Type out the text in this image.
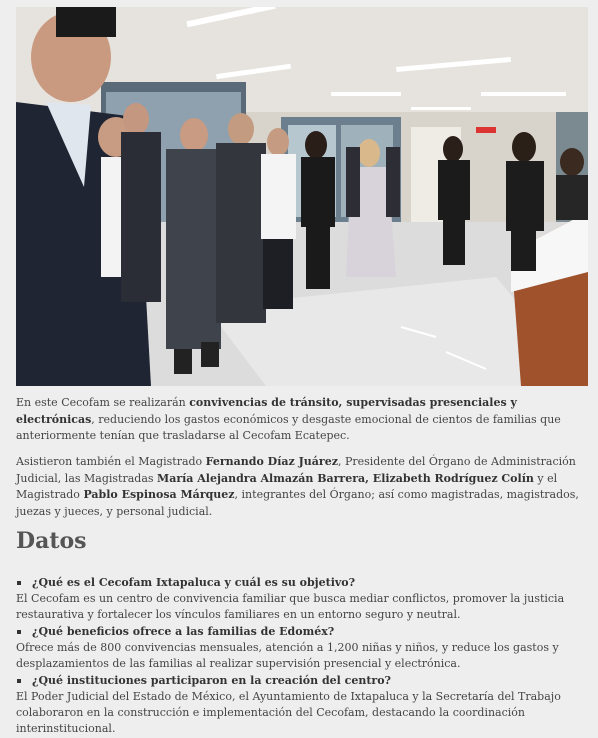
En este Cecofam se realizarán convivencias de tránsito, supervisadas presenciales y electrónicas, reduciendo los gastos económicos y desgaste emocional de cientos de familias que anteriormente tenían que trasladarse al Cecofam Ecatepec.

Asistieron también el Magistrado Fernando Díaz Juárez, Presidente del Órgano de Administración Judicial, las Magistradas María Alejandra Almazán Barrera, Elizabeth Rodríguez Colín y el Magistrado Pablo Espinosa Márquez, integrantes del Órgano; así como magistradas, magistrados, juezas y jueces, y personal judicial.

Datos

¿Qué es el Cecofam Ixtapaluca y cuál es su objetivo?

El Cecofam es un centro de convivencia familiar que busca mediar conflictos, promover la justicia restaurativa y fortalecer los vínculos familiares en un entorno seguro y neutral.

¿Qué beneficios ofrece a las familias de Edoméx?

Ofrece más de 800 convivencias mensuales, atención a 1,200 niñas y niños, y reduce los gastos y desplazamientos de las familias al realizar supervisión presencial y electrónica.

¿Qué instituciones participaron en la creación del centro?

El Poder Judicial del Estado de México, el Ayuntamiento de Ixtapaluca y la Secretaría del Trabajo colaboraron en la construcción e implementación del Cecofam, destacando la coordinación interinstitucional.
